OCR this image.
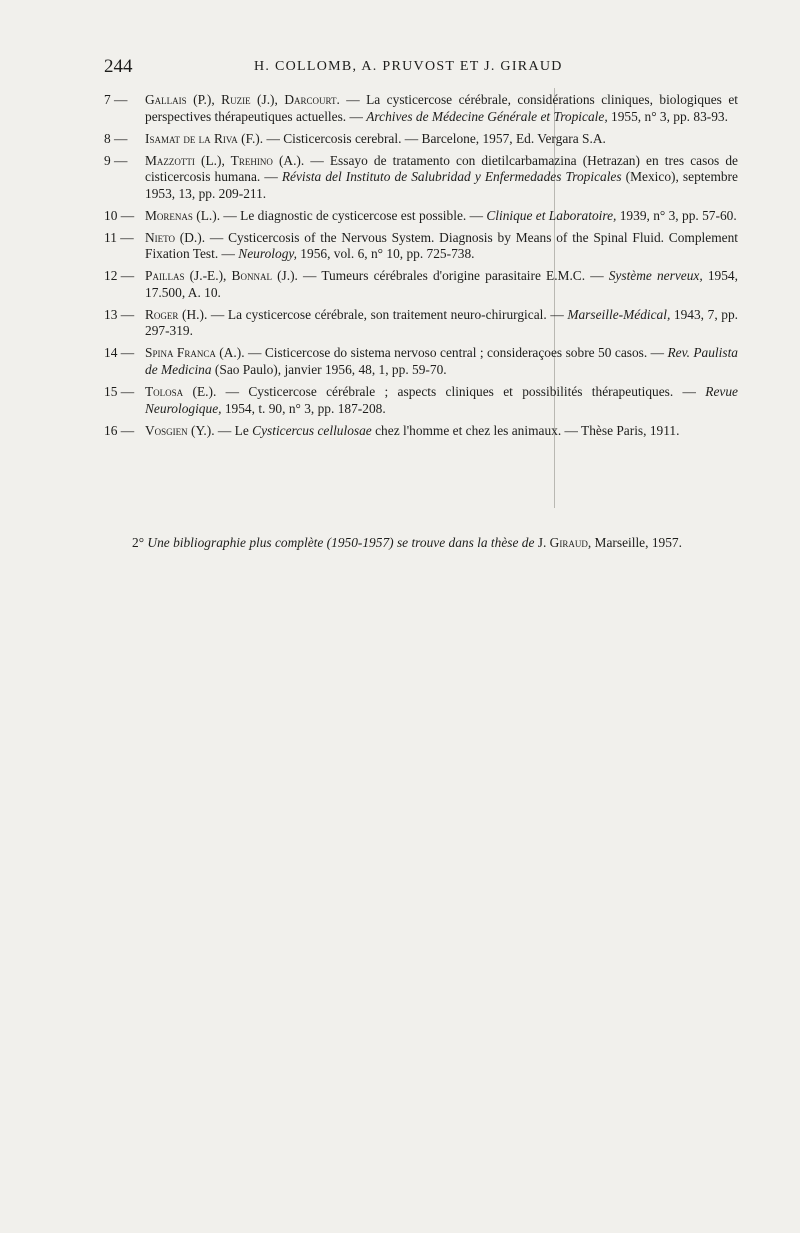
244	H. COLLOMB, A. PRUVOST ET J. GIRAUD
7 —	Gallais (P.), Ruzie (J.), Darcourt. — La cysticercose cérébrale, considérations cliniques, biologiques et perspectives thérapeutiques actuelles. — Archives de Médecine Générale et Tropicale, 1955, n° 3, pp. 83-93.
8 —	Isamat de la Riva (F.). — Cisticercosis cerebral. — Barcelone, 1957, Ed. Vergara S.A.
9 —	Mazzotti (L.), Trehino (A.). — Essayo de tratamento con dietilcarbamazina (Hetrazan) en tres casos de cisticercosis humana. — Révista del Instituto de Salubridad y Enfermedades Tropicales (Mexico), septembre 1953, 13, pp. 209-211.
10 — Morenas (L.). — Le diagnostic de cysticercose est possible. — Clinique et Laboratoire, 1939, n° 3, pp. 57-60.
11 — Nieto (D.). — Cysticercosis of the Nervous System. Diagnosis by Means of the Spinal Fluid. Complement Fixation Test. — Neurology, 1956, vol. 6, n° 10, pp. 725-738.
12 — Paillas (J.-E.), Bonnal (J.). — Tumeurs cérébrales d'origine parasitaire E.M.C. — Système nerveux, 1954, 17.500, A. 10.
13 — Roger (H.). — La cysticercose cérébrale, son traitement neuro-chirurgical. — Marseille-Médical, 1943, 7, pp. 297-319.
14 — Spina Franca (A.). — Cisticercose do sistema nervoso central ; consideraçoes sobre 50 casos. — Rev. Paulista de Medicina (Sao Paulo), janvier 1956, 48, 1, pp. 59-70.
15 — Tolosa (E.). — Cysticercose cérébrale ; aspects cliniques et possibilités thérapeutiques. — Revue Neurologique, 1954, t. 90, n° 3, pp. 187-208.
16 — Vosgien (Y.). — Le Cysticercus cellulosae chez l'homme et chez les animaux. — Thèse Paris, 1911.

2° Une bibliographie plus complète (1950-1957) se trouve dans la thèse de J. Giraud, Marseille, 1957.
